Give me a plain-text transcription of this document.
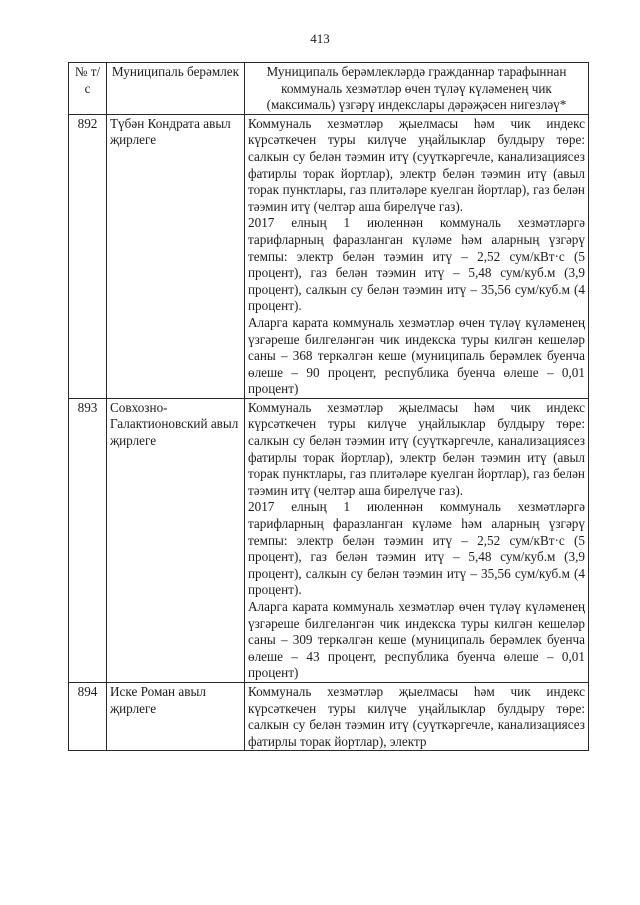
413
№ т/с	Муниципаль берәмлек	Муниципаль берәмлекләрдә гражданнар тарафыннан коммуналь хезмәтләр өчен түләү күләменең чик (максималь) үзгәрү индекслары дәрәҗәсен нигезләү*
892	Түбән Кондрата авыл җирлеге	Коммуналь хезмәтләр җыелмасы һәм чик индекс күрсәткечен туры килүче уңайлыклар булдыру төре: салкын су белән тәэмин итү (суүткәргечле, канализациясез фатирлы торак йортлар), электр белән тәэмин итү (авыл торак пунктлары, газ плитәләре куелган йортлар), газ белән тәэмин итү (челтәр аша бирелүче газ).

2017 елның 1 июленнән коммуналь хезмәтләргә тарифларның фаразланган күләме һәм аларның үзгәрү темпы: электр белән тәэмин итү – 2,52 сум/кВт·с (5 процент), газ белән тәэмин итү – 5,48 сум/куб.м (3,9 процент), салкын су белән тәэмин итү – 35,56 сум/куб.м (4 процент).

Аларга карата коммуналь хезмәтләр өчен түләү күләменең үзгәреше билгеләнгән чик индекска туры килгән кешеләр саны – 368 теркәлгән кеше (муниципаль берәмлек буенча өлеше – 90 процент, республика буенча өлеше – 0,01 процент)

893	Совхозно-Галактионовский авыл җирлеге	Коммуналь хезмәтләр җыелмасы һәм чик индекс күрсәткечен туры килүче уңайлыклар булдыру төре: салкын су белән тәэмин итү (суүткәргечле, канализациясез фатирлы торак йортлар), электр белән тәэмин итү (авыл торак пунктлары, газ плитәләре куелган йортлар), газ белән тәэмин итү (челтәр аша бирелүче газ).

2017 елның 1 июленнән коммуналь хезмәтләргә тарифларның фаразланган күләме һәм аларның үзгәрү темпы: электр белән тәэмин итү – 2,52 сум/кВт·с (5 процент), газ белән тәэмин итү – 5,48 сум/куб.м (3,9 процент), салкын су белән тәэмин итү – 35,56 сум/куб.м (4 процент).

Аларга карата коммуналь хезмәтләр өчен түләү күләменең үзгәреше билгеләнгән чик индекска туры килгән кешеләр саны – 309 теркәлгән кеше (муниципаль берәмлек буенча өлеше – 43 процент, республика буенча өлеше – 0,01 процент)

894	Иске Роман авыл җирлеге	Коммуналь хезмәтләр җыелмасы һәм чик индекс күрсәткечен туры килүче уңайлыклар булдыру төре: салкын су белән тәэмин итү (суүткәргечле, канализациясез фатирлы торак йортлар), электр
